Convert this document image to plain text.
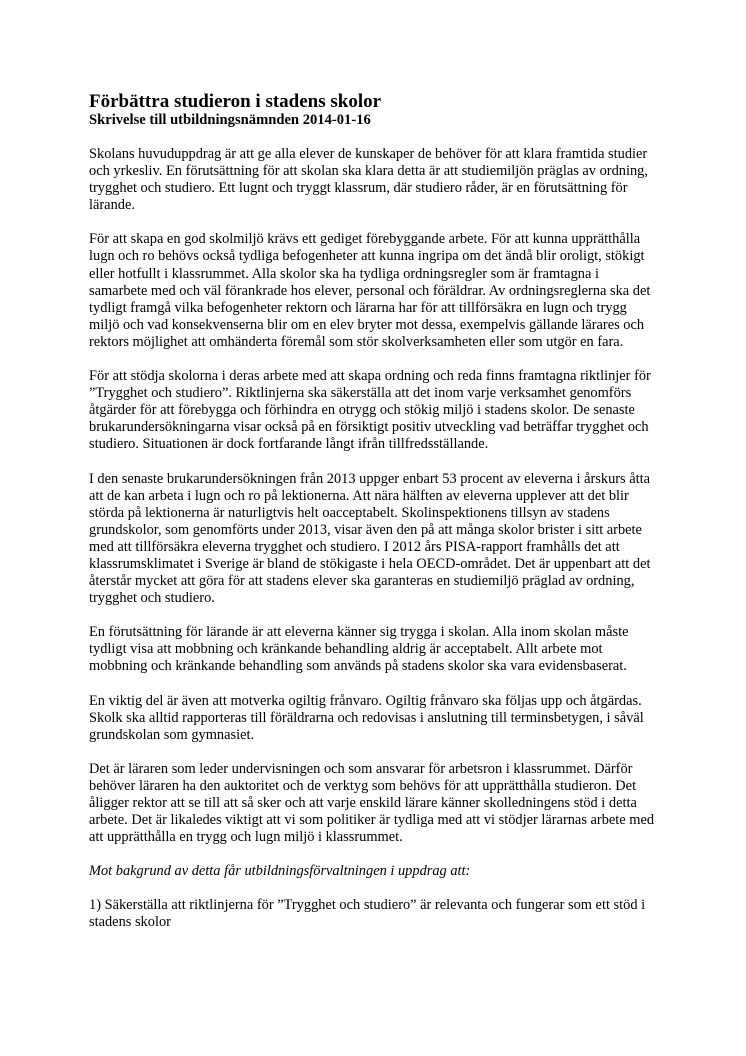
Förbättra studieron i stadens skolor
Skrivelse till utbildningsnämnden 2014-01-16

Skolans huvuduppdrag är att ge alla elever de kunskaper de behöver för att klara framtida studier och yrkesliv. En förutsättning för att skolan ska klara detta är att studiemiljön präglas av ordning, trygghet och studiero. Ett lugnt och tryggt klassrum, där studiero råder, är en förutsättning för lärande.

För att skapa en god skolmiljö krävs ett gediget förebyggande arbete. För att kunna upprätthålla lugn och ro behövs också tydliga befogenheter att kunna ingripa om det ändå blir oroligt, stökigt eller hotfullt i klassrummet. Alla skolor ska ha tydliga ordningsregler som är framtagna i samarbete med och väl förankrade hos elever, personal och föräldrar. Av ordningsreglerna ska det tydligt framgå vilka befogenheter rektorn och lärarna har för att tillförsäkra en lugn och trygg miljö och vad konsekvenserna blir om en elev bryter mot dessa, exempelvis gällande lärares och rektors möjlighet att omhänderta föremål som stör skolverksamheten eller som utgör en fara.

För att stödja skolorna i deras arbete med att skapa ordning och reda finns framtagna riktlinjer för ”Trygghet och studiero”. Riktlinjerna ska säkerställa att det inom varje verksamhet genomförs åtgärder för att förebygga och förhindra en otrygg och stökig miljö i stadens skolor. De senaste brukarundersökningarna visar också på en försiktigt positiv utveckling vad beträffar trygghet och studiero. Situationen är dock fortfarande långt ifrån tillfredsställande.

I den senaste brukarundersökningen från 2013 uppger enbart 53 procent av eleverna i årskurs åtta att de kan arbeta i lugn och ro på lektionerna. Att nära hälften av eleverna upplever att det blir störda på lektionerna är naturligtvis helt oacceptabelt. Skolinspektionens tillsyn av stadens grundskolor, som genomförts under 2013, visar även den på att många skolor brister i sitt arbete med att tillförsäkra eleverna trygghet och studiero. I 2012 års PISA-rapport framhålls det att klassrumsklimatet i Sverige är bland de stökigaste i hela OECD-området. Det är uppenbart att det återstår mycket att göra för att stadens elever ska garanteras en studiemiljö präglad av ordning, trygghet och studiero.

En förutsättning för lärande är att eleverna känner sig trygga i skolan. Alla inom skolan måste tydligt visa att mobbning och kränkande behandling aldrig är acceptabelt. Allt arbete mot mobbning och kränkande behandling som används på stadens skolor ska vara evidensbaserat.

En viktig del är även att motverka ogiltig frånvaro. Ogiltig frånvaro ska följas upp och åtgärdas. Skolk ska alltid rapporteras till föräldrarna och redovisas i anslutning till terminsbetygen, i såväl grundskolan som gymnasiet.

Det är läraren som leder undervisningen och som ansvarar för arbetsron i klassrummet. Därför behöver läraren ha den auktoritet och de verktyg som behövs för att upprätthålla studieron. Det åligger rektor att se till att så sker och att varje enskild lärare känner skolledningens stöd i detta arbete. Det är likaledes viktigt att vi som politiker är tydliga med att vi stödjer lärarnas arbete med att upprätthålla en trygg och lugn miljö i klassrummet.

Mot bakgrund av detta får utbildningsförvaltningen i uppdrag att:

1) Säkerställa att riktlinjerna för ”Trygghet och studiero” är relevanta och fungerar som ett stöd i stadens skolor
